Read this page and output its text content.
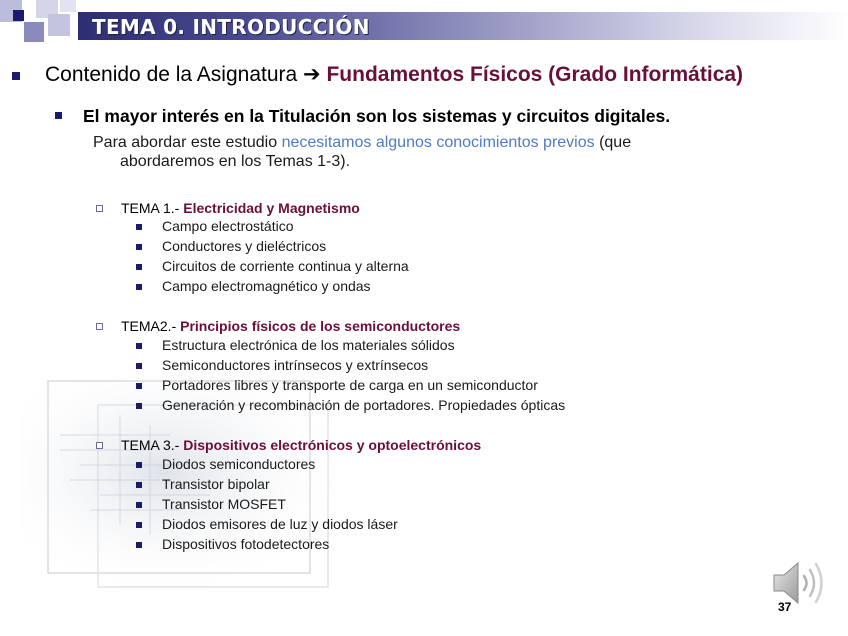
TEMA 0. INTRODUCCIÓN
Contenido de la Asignatura ➔ Fundamentos Físicos (Grado Informática)
El mayor interés en la Titulación son los sistemas y circuitos digitales.
Para abordar este estudio necesitamos algunos conocimientos previos (que
abordaremos en los Temas 1-3).
TEMA 1.- Electricidad y Magnetismo
Campo electrostático
Conductores y dieléctricos
Circuitos de corriente continua y alterna
Campo electromagnético y ondas
TEMA2.- Principios físicos de los semiconductores
Estructura electrónica de los materiales sólidos
Semiconductores intrínsecos y extrínsecos
Portadores libres y transporte de carga en un semiconductor
Generación y recombinación de portadores. Propiedades ópticas
TEMA 3.- Dispositivos electrónicos y optoelectrónicos
Diodos semiconductores
Transistor bipolar
Transistor MOSFET
Diodos emisores de luz y diodos láser
Dispositivos fotodetectores
37
